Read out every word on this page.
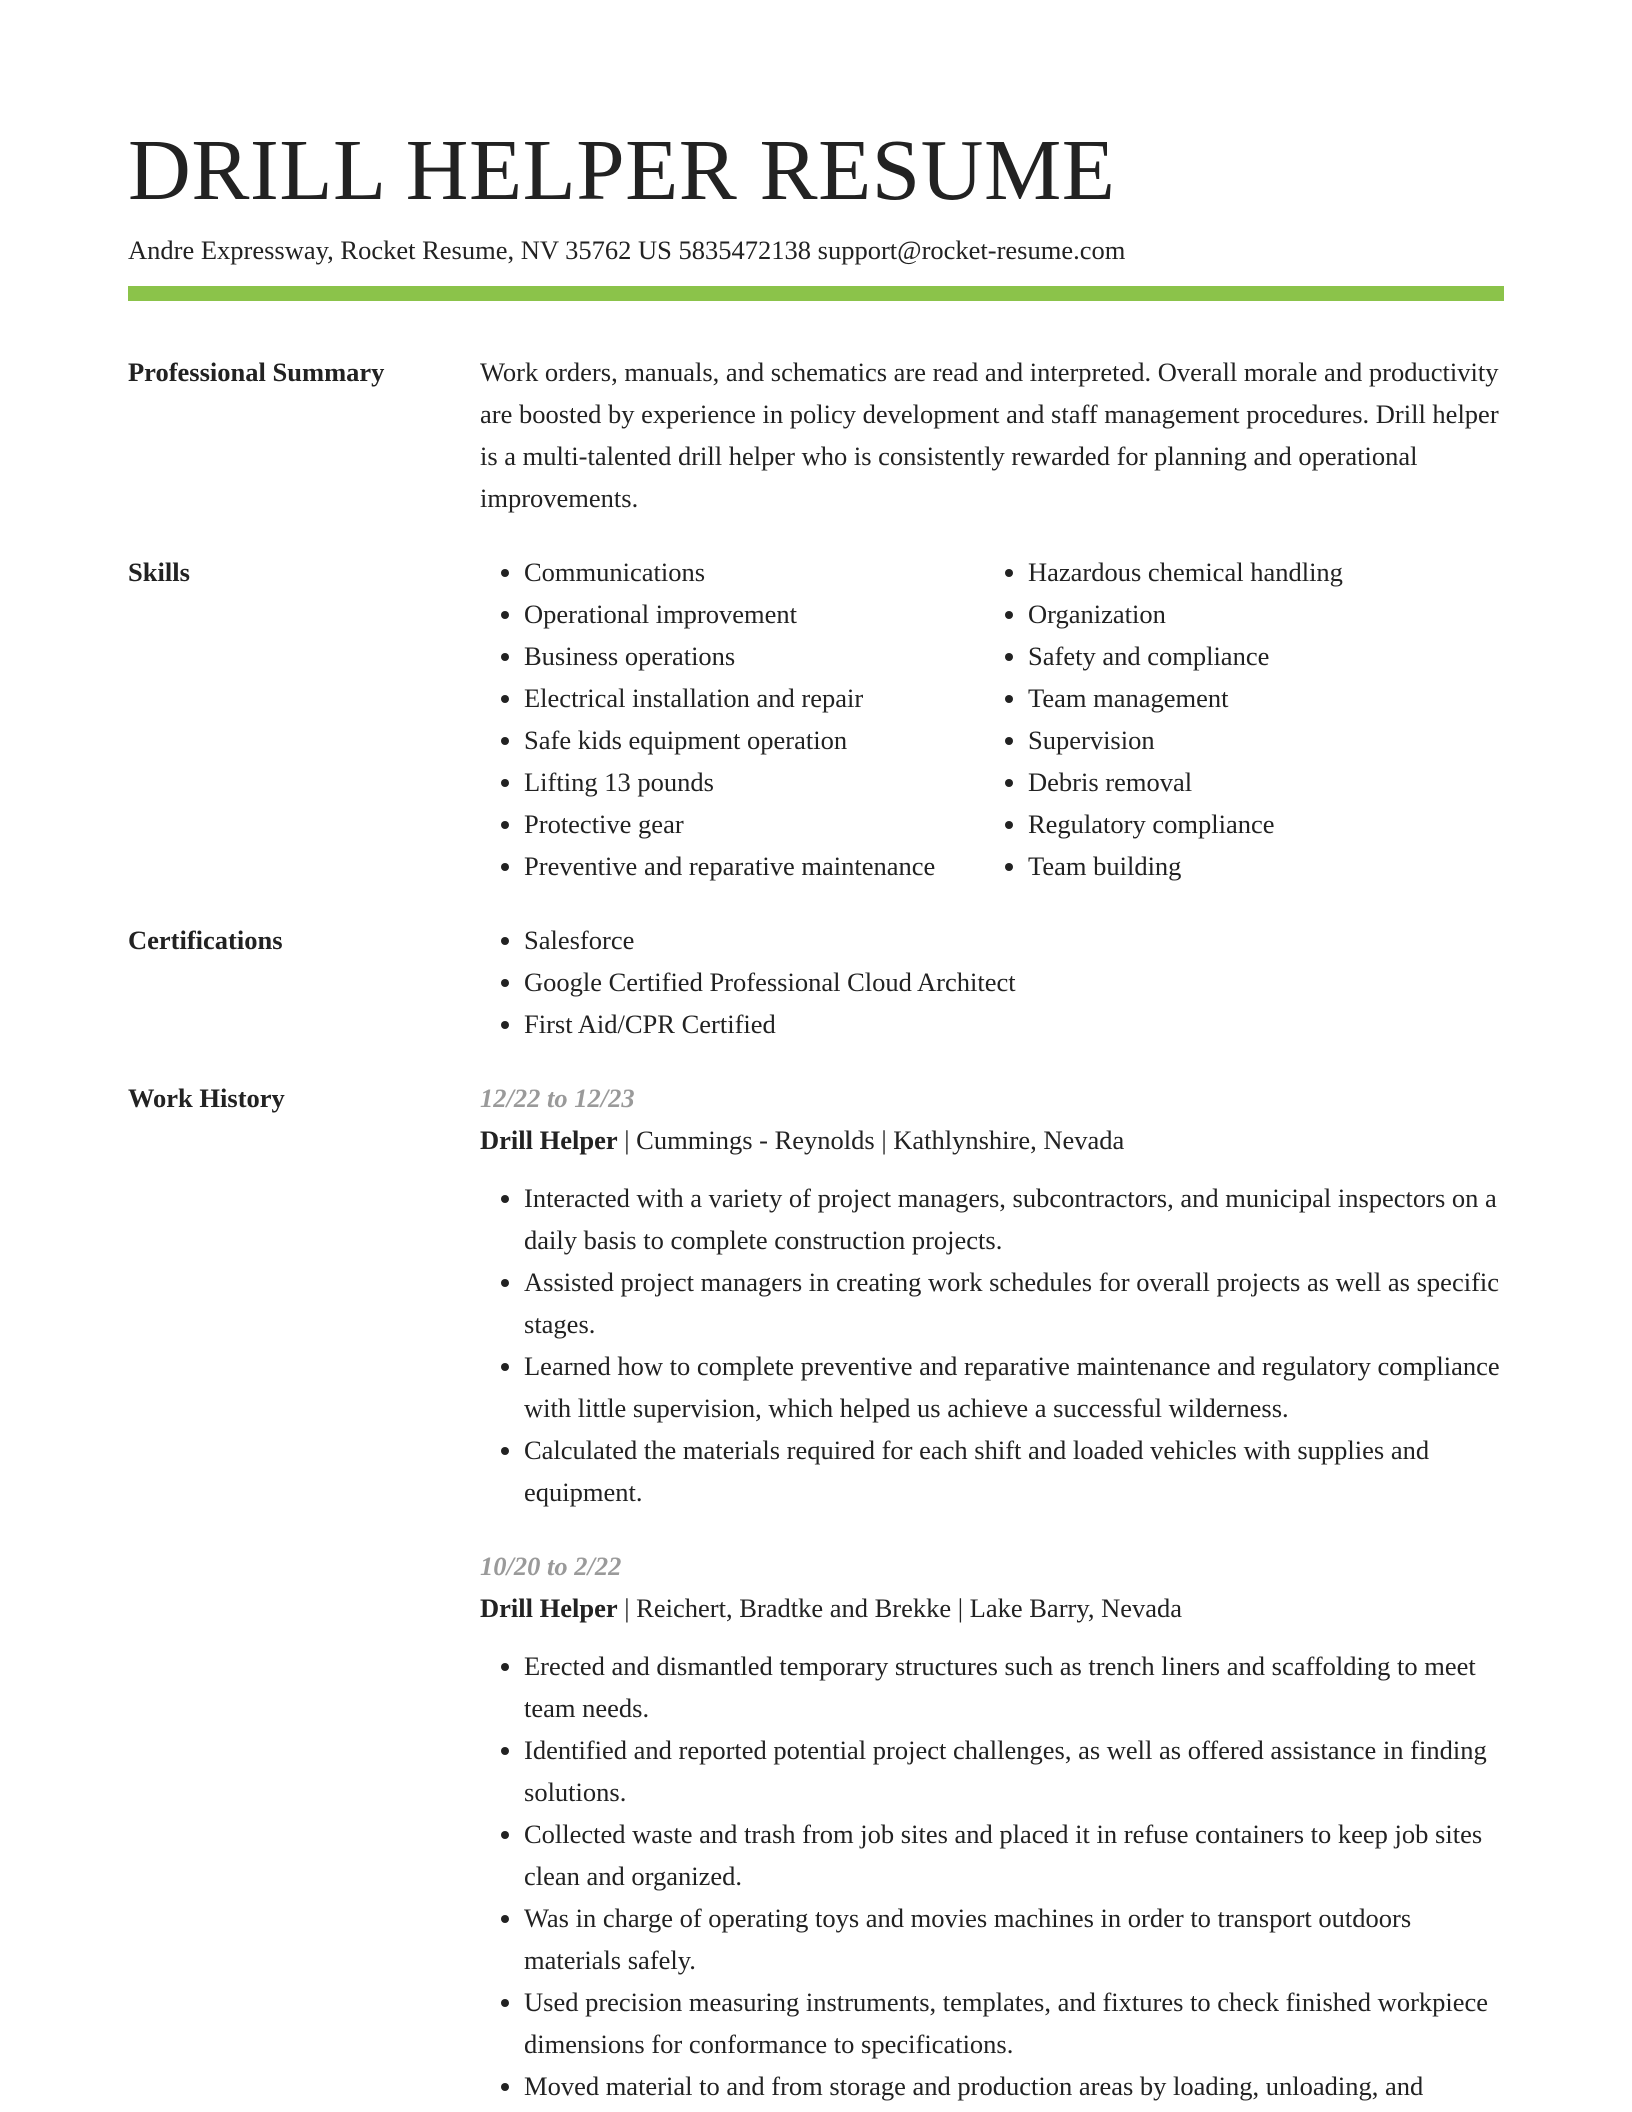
DRILL HELPER RESUME
Andre Expressway, Rocket Resume, NV 35762 US 5835472138 support@rocket-resume.com
Professional Summary	Work orders, manuals, and schematics are read and interpreted. Overall morale and productivity are boosted by experience in policy development and staff management procedures. Drill helper is a multi-talented drill helper who is consistently rewarded for planning and operational improvements.

Skills	• Communications
• Operational improvement
• Business operations
• Electrical installation and repair
• Safe kids equipment operation
• Lifting 13 pounds
• Protective gear
• Preventive and reparative maintenance
• Hazardous chemical handling
• Organization
• Safety and compliance
• Team management
• Supervision
• Debris removal
• Regulatory compliance
• Team building
Certifications	• Salesforce
• Google Certified Professional Cloud Architect
• First Aid/CPR Certified
Work History	12/22 to 12/23
Drill Helper | Cummings - Reynolds | Kathlynshire, Nevada
• Interacted with a variety of project managers, subcontractors, and municipal inspectors on a daily basis to complete construction projects.
• Assisted project managers in creating work schedules for overall projects as well as specific stages.
• Learned how to complete preventive and reparative maintenance and regulatory compliance with little supervision, which helped us achieve a successful wilderness.
• Calculated the materials required for each shift and loaded vehicles with supplies and equipment.
10/20 to 2/22
Drill Helper | Reichert, Bradtke and Brekke | Lake Barry, Nevada
• Erected and dismantled temporary structures such as trench liners and scaffolding to meet team needs.
• Identified and reported potential project challenges, as well as offered assistance in finding solutions.
• Collected waste and trash from job sites and placed it in refuse containers to keep job sites clean and organized.
• Was in charge of operating toys and movies machines in order to transport outdoors materials safely.
• Used precision measuring instruments, templates, and fixtures to check finished workpiece dimensions for conformance to specifications.
• Moved material to and from storage and production areas by loading, unloading, and
